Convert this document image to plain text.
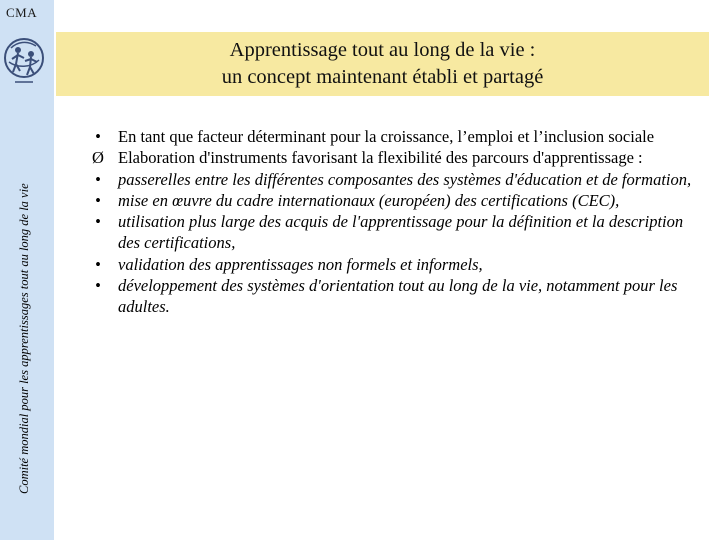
CMA
Comité mondial pour les apprentissages tout au long de la vie
Apprentissage tout au long de la vie :
un concept maintenant établi et partagé
•	En tant que facteur déterminant pour la croissance, l’emploi et l’inclusion sociale
Ø Elaboration d'instruments favorisant la flexibilité des parcours d'apprentissage :
•	passerelles entre les différentes composantes des systèmes d'éducation et de formation,
•	mise en œuvre du cadre internationaux (européen) des certifications (CEC),
•	utilisation plus large des acquis de l'apprentissage pour la définition et la description des certifications,
•	validation des apprentissages non formels et informels,
•	développement des systèmes d'orientation tout au long de la vie, notamment pour les adultes.
